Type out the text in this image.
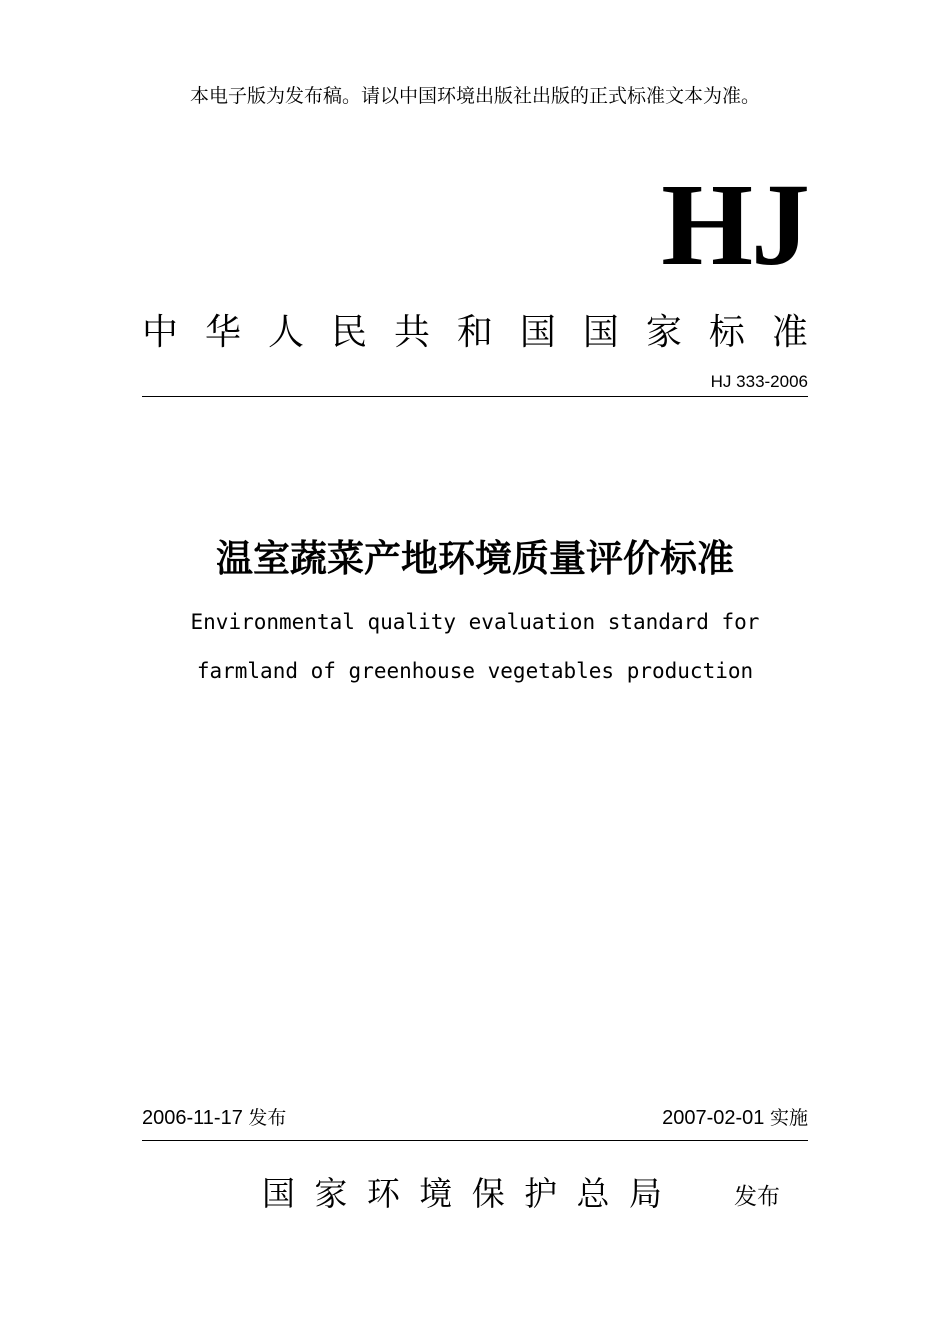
本电子版为发布稿。请以中国环境出版社出版的正式标准文本为准。
HJ
中 华 人 民 共 和 国 国 家 标 准
HJ 333-2006
温室蔬菜产地环境质量评价标准
Environmental quality evaluation standard for
farmland of greenhouse vegetables production
2006-11-17 发布	2007-02-01 实施
国 家 环 境 保 护 总 局	发布
